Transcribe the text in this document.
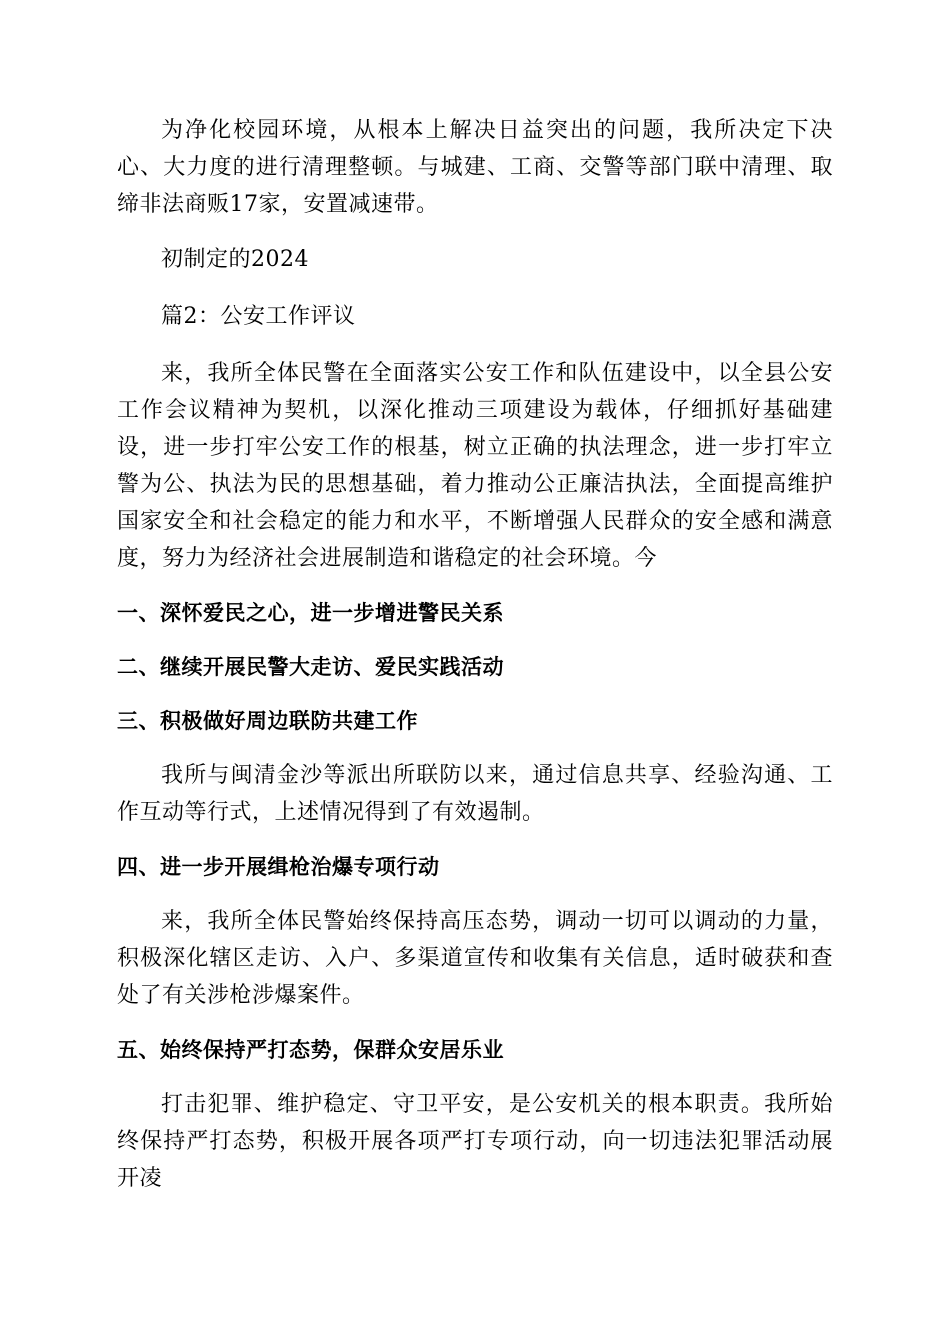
为净化校园环境，从根本上解决日益突出的问题，我所决定下决心、大力度的进行清理整顿。与城建、工商、交警等部门联中清理、取缔非法商贩17家，安置减速带。

初制定的2024

篇2：公安工作评议

来，我所全体民警在全面落实公安工作和队伍建设中，以全县公安工作会议精神为契机，以深化推动三项建设为载体，仔细抓好基础建设，进一步打牢公安工作的根基，树立正确的执法理念，进一步打牢立警为公、执法为民的思想基础，着力推动公正廉洁执法，全面提高维护国家安全和社会稳定的能力和水平，不断增强人民群众的安全感和满意度，努力为经济社会进展制造和谐稳定的社会环境。今

一、深怀爱民之心，进一步增进警民关系
二、继续开展民警大走访、爱民实践活动
三、积极做好周边联防共建工作

我所与闽清金沙等派出所联防以来，通过信息共享、经验沟通、工作互动等行式，上述情况得到了有效遏制。

四、进一步开展缉枪治爆专项行动

来，我所全体民警始终保持高压态势，调动一切可以调动的力量，积极深化辖区走访、入户、多渠道宣传和收集有关信息，适时破获和查处了有关涉枪涉爆案件。

五、始终保持严打态势，保群众安居乐业

打击犯罪、维护稳定、守卫平安，是公安机关的根本职责。我所始终保持严打态势，积极开展各项严打专项行动，向一切违法犯罪活动展开凌
